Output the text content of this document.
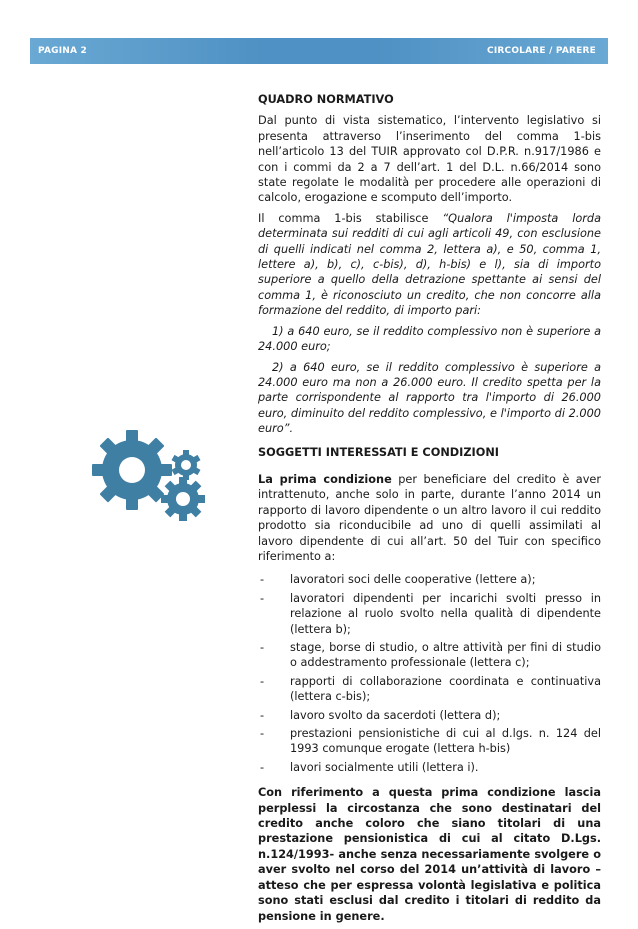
PAGINA 2	CIRCOLARE / PARERE
QUADRO NORMATIVO

Dal punto di vista sistematico, l’intervento legislativo si presenta attraverso l’inserimento del comma 1-bis nell’articolo 13 del TUIR approvato col D.P.R. n.917/1986 e con i commi da 2 a 7 dell’art. 1 del D.L. n.66/2014 sono state regolate le modalità per procedere alle operazioni di calcolo, erogazione e scomputo dell’importo.

Il comma 1-bis stabilisce “Qualora l'imposta lorda determinata sui redditi di cui agli articoli 49, con esclusione di quelli indicati nel comma 2, lettera a), e 50, comma 1, lettere a), b), c), c-bis), d), h-bis) e l), sia di importo superiore a quello della detrazione spettante ai sensi del comma 1, è riconosciuto un credito, che non concorre alla formazione del reddito, di importo pari:

1) a 640 euro, se il reddito complessivo non è superiore a 24.000 euro;

2) a 640 euro, se il reddito complessivo è superiore a 24.000 euro ma non a 26.000 euro. Il credito spetta per la parte corrispondente al rapporto tra l'importo di 26.000 euro, diminuito del reddito complessivo, e l'importo di 2.000 euro”.

SOGGETTI INTERESSATI E CONDIZIONI

La prima condizione per beneficiare del credito è aver intrattenuto, anche solo in parte, durante l’anno 2014 un rapporto di lavoro dipendente o un altro lavoro il cui reddito prodotto sia riconducibile ad uno di quelli assimilati al lavoro dipendente di cui all’art. 50 del Tuir con specifico riferimento a:

- lavoratori soci delle cooperative (lettere a);
- lavoratori dipendenti per incarichi svolti presso in relazione al ruolo svolto nella qualità di dipendente (lettera b);
- stage, borse di studio, o altre attività per fini di studio o addestramento professionale (lettera c);
- rapporti di collaborazione coordinata e continuativa (lettera c-bis);
- lavoro svolto da sacerdoti (lettera d);
- prestazioni pensionistiche di cui al d.lgs. n. 124 del 1993 comunque erogate (lettera h-bis)
- lavori socialmente utili (lettera i).

Con riferimento a questa prima condizione lascia perplessi la circostanza che sono destinatari del credito anche coloro che siano titolari di una prestazione pensionistica di cui al citato D.Lgs. n.124/1993- anche senza necessariamente svolgere o aver svolto nel corso del 2014 un’attività di lavoro – atteso che per espressa volontà legislativa e politica sono stati esclusi dal credito i titolari di reddito da pensione in genere.
